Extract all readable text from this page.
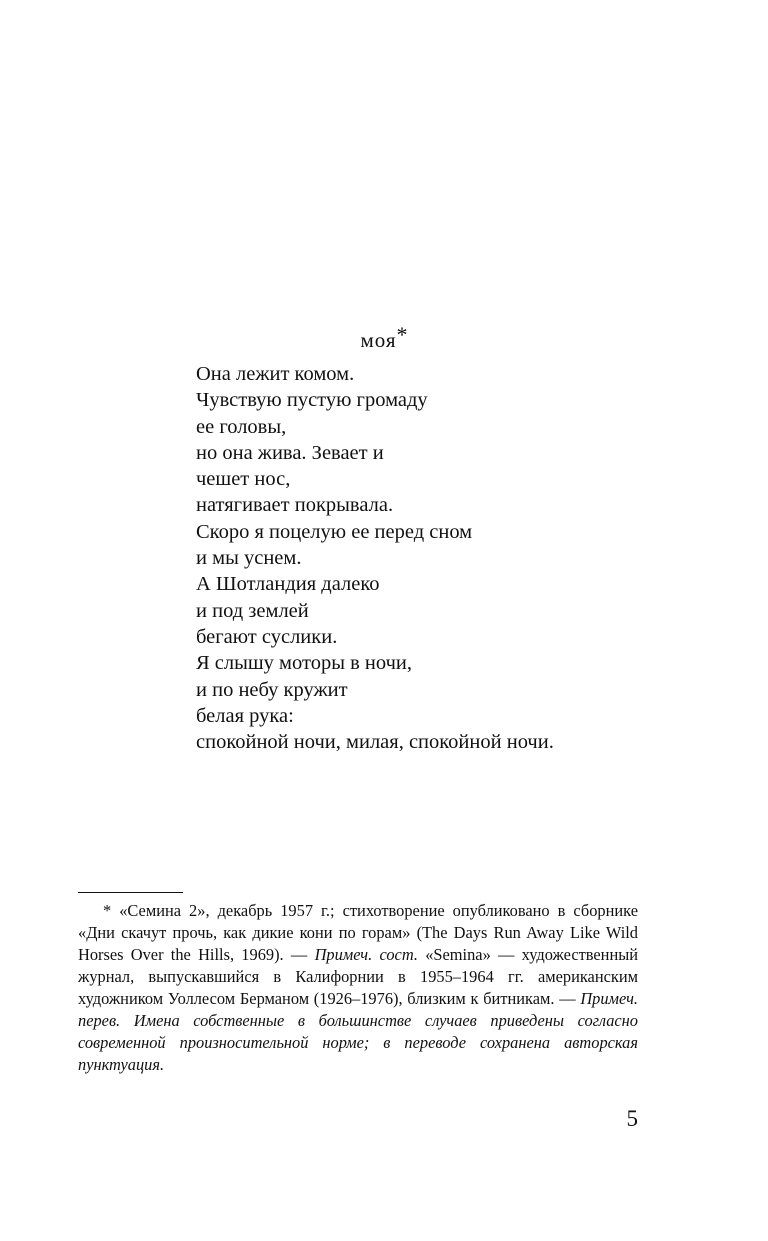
моя*
Она лежит комом.
Чувствую пустую громаду
ее головы,
но она жива. Зевает и
чешет нос,
натягивает покрывала.
Скоро я поцелую ее перед сном
и мы уснем.
А Шотландия далеко
и под землей
бегают суслики.
Я слышу моторы в ночи,
и по небу кружит
белая рука:
спокойной ночи, милая, спокойной ночи.

* «Семина 2», декабрь 1957 г.; стихотворение опубликовано в сборнике «Дни скачут прочь, как дикие кони по горам» (The Days Run Away Like Wild Horses Over the Hills, 1969). — Примеч. сост. «Semina» — художественный журнал, выпускавшийся в Калифорнии в 1955–1964 гг. американским художником Уоллесом Берманом (1926–1976), близким к битникам. — Примеч. перев. Имена собственные в большинстве случаев приведены согласно современной произносительной норме; в переводе сохранена авторская пунктуация.

5
